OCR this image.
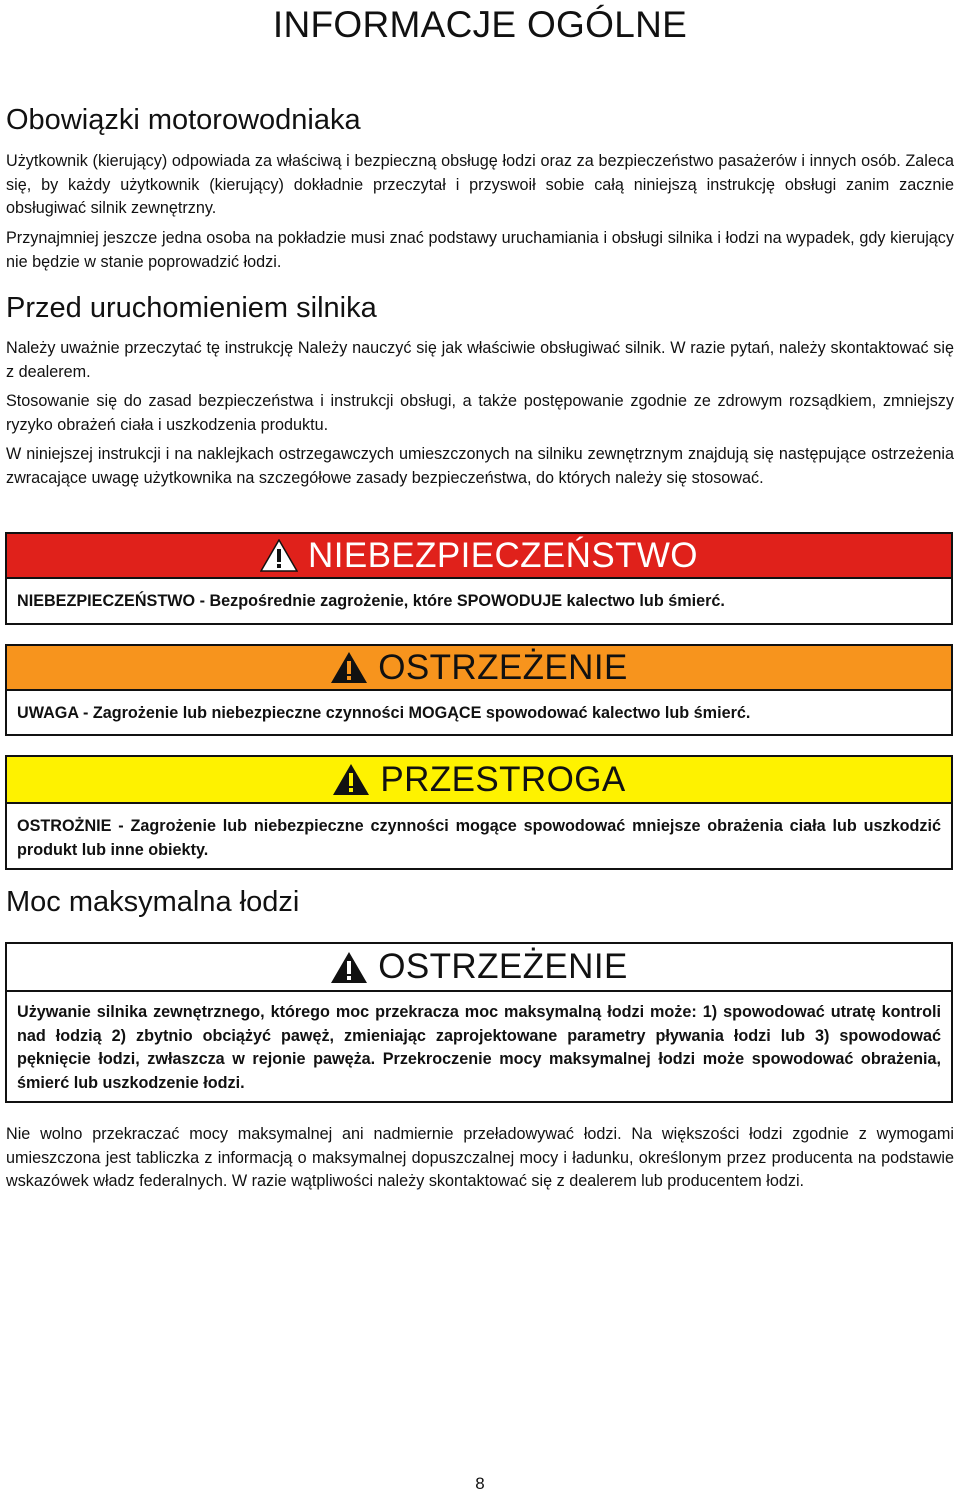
INFORMACJE OGÓLNE
Obowiązki motorowodniaka

Użytkownik (kierujący) odpowiada za właściwą i bezpieczną obsługę łodzi oraz za bezpieczeństwo pasażerów i innych osób. Zaleca się, by każdy użytkownik (kierujący) dokładnie przeczytał i przyswoił sobie całą niniejszą instrukcję obsługi zanim zacznie obsługiwać silnik zewnętrzny.

Przynajmniej jeszcze jedna osoba na pokładzie musi znać podstawy uruchamiania i obsługi silnika i łodzi na wypadek, gdy kierujący nie będzie w stanie poprowadzić łodzi.

Przed uruchomieniem silnika

Należy uważnie przeczytać tę instrukcję Należy nauczyć się jak właściwie obsługiwać silnik. W razie pytań, należy skontaktować się z dealerem.

Stosowanie się do zasad bezpieczeństwa i instrukcji obsługi, a także postępowanie zgodnie ze zdrowym rozsądkiem, zmniejszy ryzyko obrażeń ciała i uszkodzenia produktu.

W niniejszej instrukcji i na naklejkach ostrzegawczych umieszczonych na silniku zewnętrznym znajdują się następujące ostrzeżenia zwracające uwagę użytkownika na szczegółowe zasady bezpieczeństwa, do których należy się stosować.

NIEBEZPIECZEŃSTWO
NIEBEZPIECZEŃSTWO - Bezpośrednie zagrożenie, które SPOWODUJE kalectwo lub śmierć.
OSTRZEŻENIE
UWAGA - Zagrożenie lub niebezpieczne czynności MOGĄCE spowodować kalectwo lub śmierć.
PRZESTROGA
OSTROŻNIE - Zagrożenie lub niebezpieczne czynności mogące spowodować mniejsze obrażenia ciała lub uszkodzić produkt lub inne obiekty.
Moc maksymalna łodzi
OSTRZEŻENIE
Używanie silnika zewnętrznego, którego moc przekracza moc maksymalną łodzi może: 1) spowodować utratę kontroli nad łodzią 2) zbytnio obciążyć pawęż, zmieniając zaprojektowane parametry pływania łodzi lub 3) spowodować pęknięcie łodzi, zwłaszcza w rejonie pawęża. Przekroczenie mocy maksymalnej łodzi może spowodować obrażenia, śmierć lub uszkodzenie łodzi.

Nie wolno przekraczać mocy maksymalnej ani nadmiernie przeładowywać łodzi. Na większości łodzi zgodnie z wymogami umieszczona jest tabliczka z informacją o maksymalnej dopuszczalnej mocy i ładunku, określonym przez producenta na podstawie wskazówek władz federalnych. W razie wątpliwości należy skontaktować się z dealerem lub producentem łodzi.

8
